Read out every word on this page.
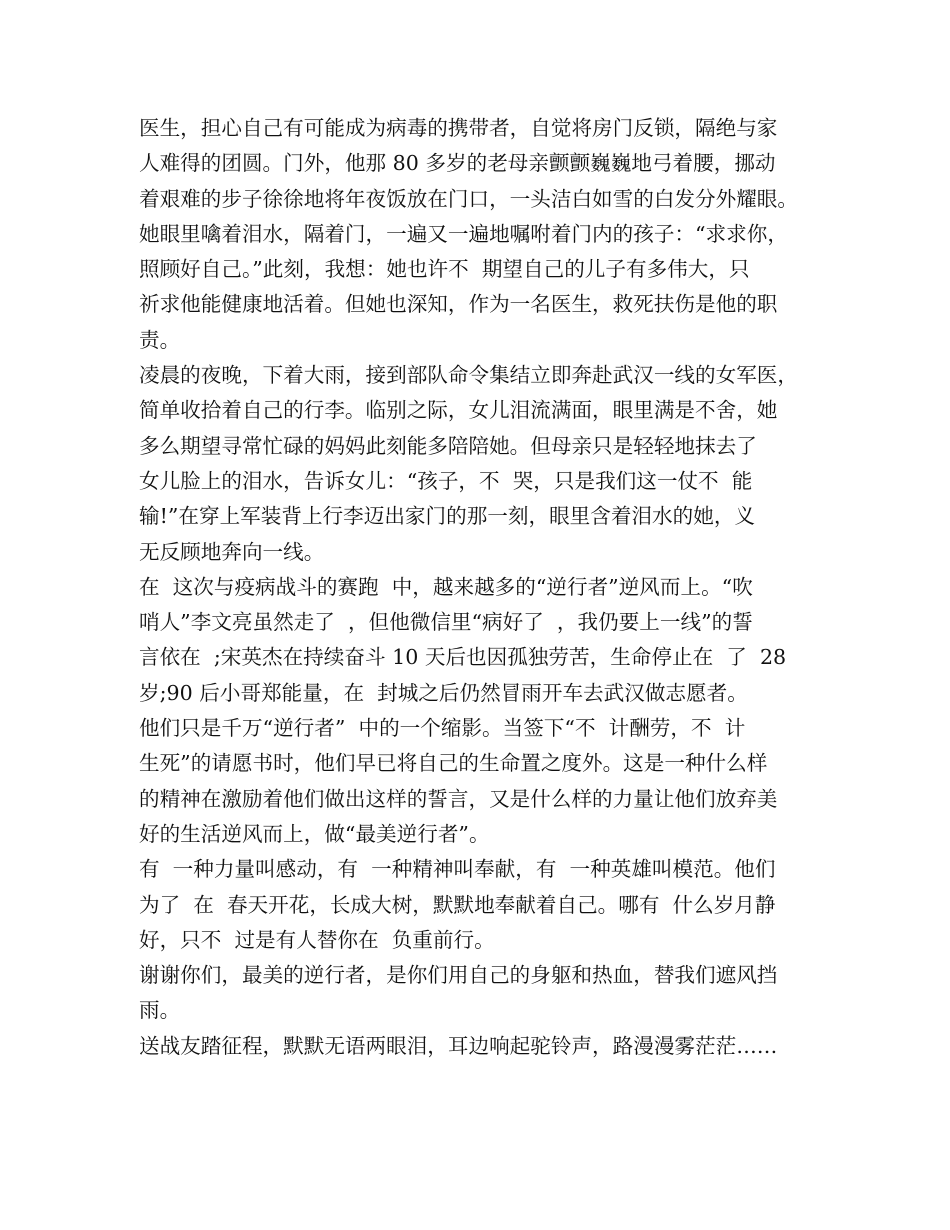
医生，担心自己有可能成为病毒的携带者，自觉将房门反锁，隔绝与家
人难得的团圆。门外，他那 80 多岁的老母亲颤颤巍巍地弓着腰，挪动
着艰难的步子徐徐地将年夜饭放在门口，一头洁白如雪的白发分外耀眼。
她眼里噙着泪水，隔着门，一遍又一遍地嘱咐着门内的孩子：“求求你，
照顾好自己。”此刻，我想：她也许不  期望自己的儿子有多伟大，只
祈求他能健康地活着。但她也深知，作为一名医生，救死扶伤是他的职
责。
凌晨的夜晚，下着大雨，接到部队命令集结立即奔赴武汉一线的女军医，
简单收拾着自己的行李。临别之际，女儿泪流满面，眼里满是不舍，她
多么期望寻常忙碌的妈妈此刻能多陪陪她。但母亲只是轻轻地抹去了
女儿脸上的泪水，告诉女儿：“孩子，不  哭，只是我们这一仗不  能
输!”在穿上军装背上行李迈出家门的那一刻，眼里含着泪水的她，义
无反顾地奔向一线。
在  这次与疫病战斗的赛跑  中，越来越多的“逆行者”逆风而上。“吹
哨人”李文亮虽然走了  ，但他微信里“病好了  ，我仍要上一线”的誓
言依在  ;宋英杰在持续奋斗 10 天后也因孤独劳苦，生命停止在  了  28
岁;90 后小哥郑能量，在  封城之后仍然冒雨开车去武汉做志愿者。
他们只是千万“逆行者”  中的一个缩影。当签下“不  计酬劳，不  计
生死”的请愿书时，他们早已将自己的生命置之度外。这是一种什么样
的精神在激励着他们做出这样的誓言，又是什么样的力量让他们放弃美
好的生活逆风而上，做“最美逆行者”。
有  一种力量叫感动，有  一种精神叫奉献，有  一种英雄叫模范。他们
为了  在  春天开花，长成大树，默默地奉献着自己。哪有  什么岁月静
好，只不  过是有人替你在  负重前行。
谢谢你们，最美的逆行者，是你们用自己的身躯和热血，替我们遮风挡
雨。
送战友踏征程，默默无语两眼泪，耳边响起驼铃声，路漫漫雾茫茫……
